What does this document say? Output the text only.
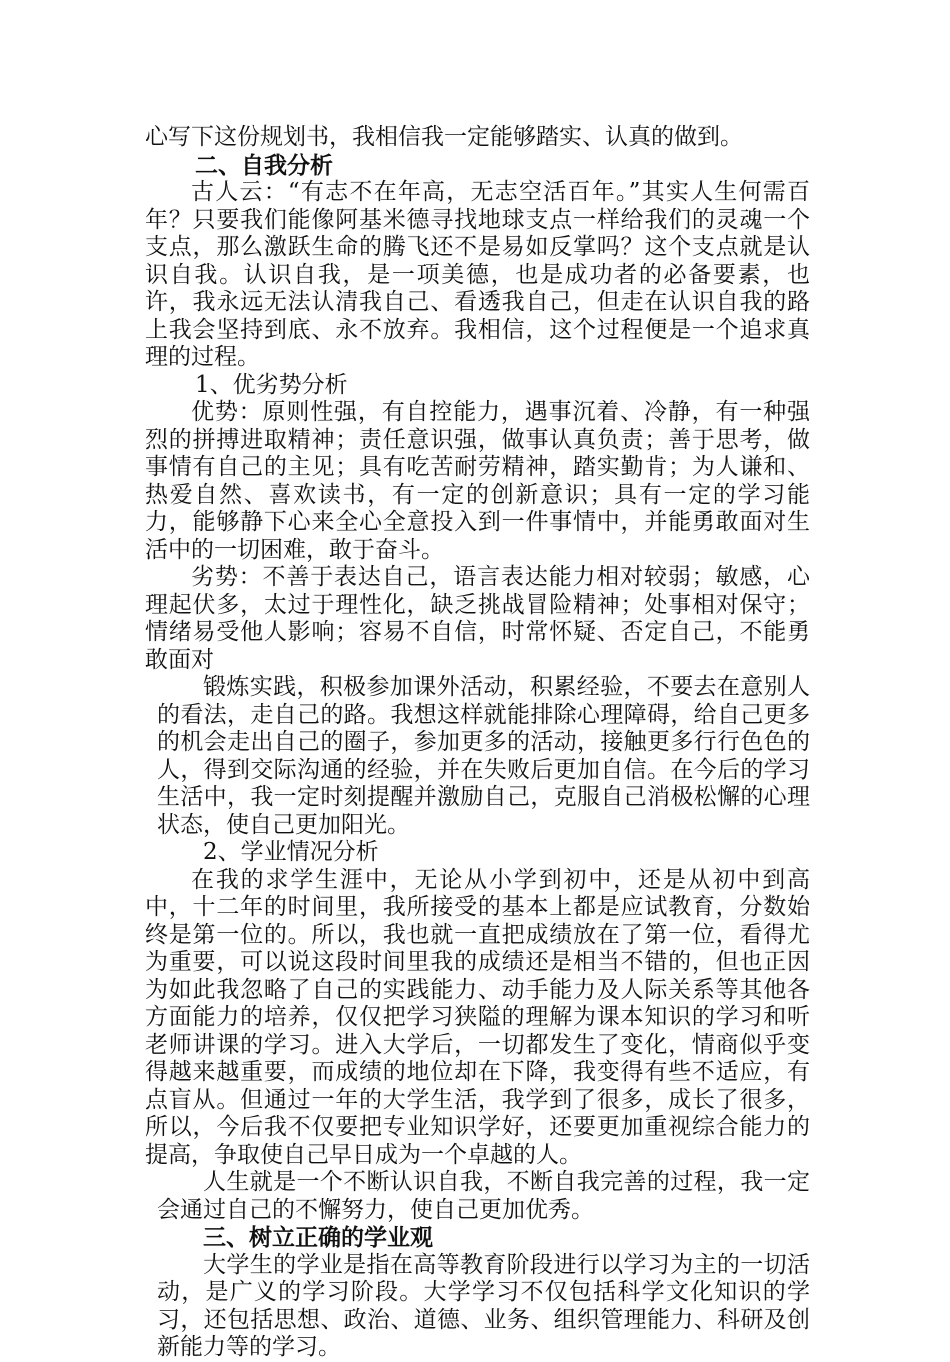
心写下这份规划书，我相信我一定能够踏实、认真的做到。

二、自我分析

古人云：“有志不在年高，无志空活百年。”其实人生何需百年？只要我们能像阿基米德寻找地球支点一样给我们的灵魂一个支点，那么激跃生命的腾飞还不是易如反掌吗？这个支点就是认识自我。认识自我，是一项美德，也是成功者的必备要素，也许，我永远无法认清我自己、看透我自己，但走在认识自我的路上我会坚持到底、永不放弃。我相信，这个过程便是一个追求真理的过程。

1、优劣势分析

优势：原则性强，有自控能力，遇事沉着、冷静，有一种强烈的拼搏进取精神；责任意识强，做事认真负责；善于思考，做事情有自己的主见；具有吃苦耐劳精神，踏实勤肯；为人谦和、热爱自然、喜欢读书，有一定的创新意识；具有一定的学习能力，能够静下心来全心全意投入到一件事情中，并能勇敢面对生活中的一切困难，敢于奋斗。

劣势：不善于表达自己，语言表达能力相对较弱；敏感，心理起伏多，太过于理性化，缺乏挑战冒险精神；处事相对保守；情绪易受他人影响；容易不自信，时常怀疑、否定自己，不能勇敢面对

锻炼实践，积极参加课外活动，积累经验，不要去在意别人的看法，走自己的路。我想这样就能排除心理障碍，给自己更多的机会走出自己的圈子，参加更多的活动，接触更多行行色色的人，得到交际沟通的经验，并在失败后更加自信。在今后的学习生活中，我一定时刻提醒并激励自己，克服自己消极松懈的心理状态，使自己更加阳光。

2、学业情况分析

在我的求学生涯中，无论从小学到初中，还是从初中到高中，十二年的时间里，我所接受的基本上都是应试教育，分数始终是第一位的。所以，我也就一直把成绩放在了第一位，看得尤为重要，可以说这段时间里我的成绩还是相当不错的，但也正因为如此我忽略了自己的实践能力、动手能力及人际关系等其他各方面能力的培养，仅仅把学习狭隘的理解为课本知识的学习和听老师讲课的学习。进入大学后，一切都发生了变化，情商似乎变得越来越重要，而成绩的地位却在下降，我变得有些不适应，有点盲从。但通过一年的大学生活，我学到了很多，成长了很多，所以，今后我不仅要把专业知识学好，还要更加重视综合能力的提高，争取使自己早日成为一个卓越的人。

人生就是一个不断认识自我，不断自我完善的过程，我一定会通过自己的不懈努力，使自己更加优秀。

三、树立正确的学业观

大学生的学业是指在高等教育阶段进行以学习为主的一切活动，是广义的学习阶段。大学学习不仅包括科学文化知识的学习，还包括思想、政治、道德、业务、组织管理能力、科研及创新能力等的学习。
